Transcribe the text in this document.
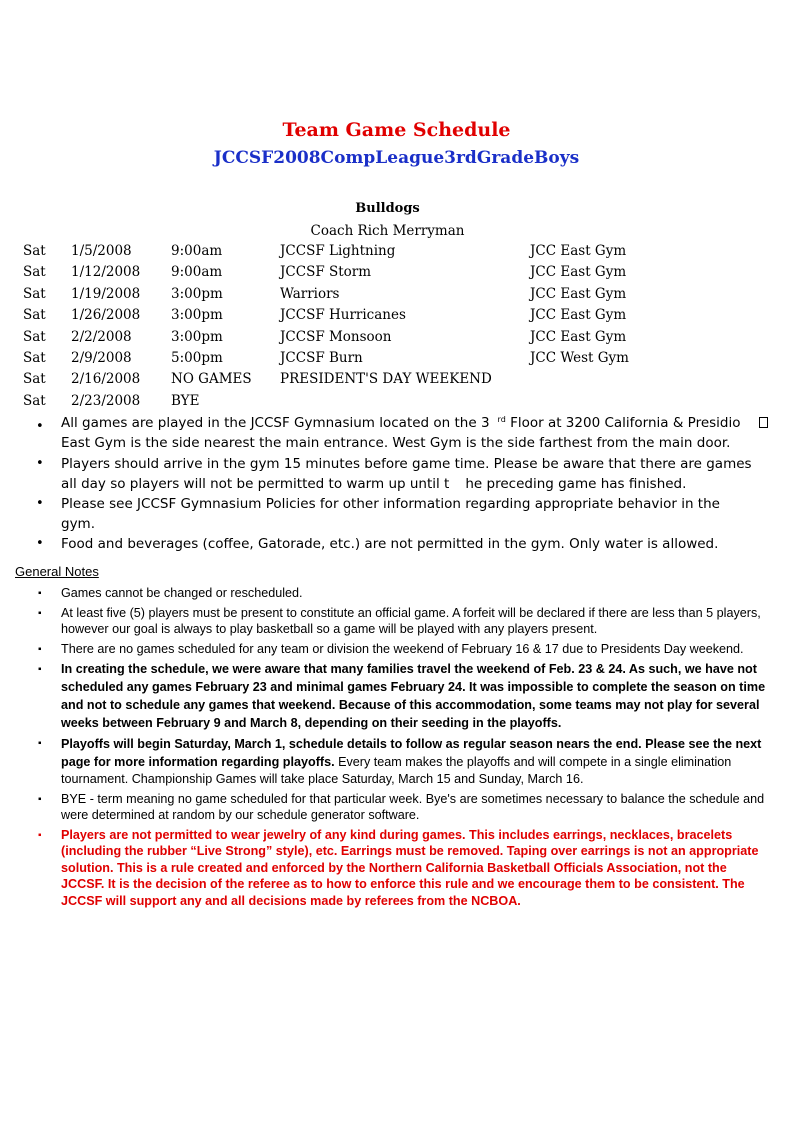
Team Game Schedule
JCCSF2008CompLeague3rdGradeBoys
Bulldogs
Coach Rich Merryman
Sat 1/5/2008	9:00am	JCCSF Lightning	JCC East Gym
Sat 1/12/2008 9:00am	JCCSF Storm	JCC East Gym
Sat 1/19/2008 3:00pm	Warriors	JCC East Gym
Sat 1/26/2008 3:00pm	JCCSF Hurricanes	JCC East Gym
Sat 2/2/2008	3:00pm	JCCSF Monsoon	JCC East Gym
Sat 2/9/2008	5:00pm	JCCSF Burn	JCC West Gym
Sat 2/16/2008 NO GAMES PRESIDENT'S DAY WEEKEND
Sat 2/23/2008 BYE
• All games are played in the JCCSF Gymnasium located on the 3 $^{rd}$ Floor at 3200 California & Presidio
East Gym is the side nearest the main entrance. West Gym is the side farthest from the main door.
• Players should arrive in the gym 15 minutes before game time. Please be aware that there are games
all day so players will not be permitted to warm up until t he preceding game has finished.
• Please see JCCSF Gymnasium Policies for other information regarding appropriate behavior in the
gym.
• Food and beverages (coffee, Gatorade, etc.) are not permitted in the gym. Only water is allowed.
General Notes
▪ Games cannot be changed or rescheduled.
▪ At least five (5) players must be present to constitute an official game. A forfeit will be declared if there are less than 5 players, however our goal is always to play basketball so a game will be played with any players present.
▪ There are no games scheduled for any team or division the weekend of February 16 & 17 due to Presidents Day weekend.
▪ In creating the schedule, we were aware that many families travel the weekend of Feb. 23 & 24. As such, we have not scheduled any games February 23 and minimal games February 24. It was impossible to complete the season on time and not to schedule any games that weekend. Because of this accommodation, some teams may not play for several weeks between February 9 and March 8, depending on their seeding in the playoffs.
▪ Playoffs will begin Saturday, March 1, schedule details to follow as regular season nears the end. Please see the next page for more information regarding playoffs. Every team makes the playoffs and will compete in a single elimination tournament. Championship Games will take place Saturday, March 15 and Sunday, March 16.
▪ BYE - term meaning no game scheduled for that particular week. Bye's are sometimes necessary to balance the schedule and were determined at random by our schedule generator software.
▪ Players are not permitted to wear jewelry of any kind during games. This includes earrings, necklaces, bracelets (including the rubber “Live Strong” style), etc. Earrings must be removed. Taping over earrings is not an appropriate solution. This is a rule created and enforced by the Northern California Basketball Officials Association, not the JCCSF. It is the decision of the referee as to how to enforce this rule and we encourage them to be consistent. The JCCSF will support any and all decisions made by referees from the NCBOA.
